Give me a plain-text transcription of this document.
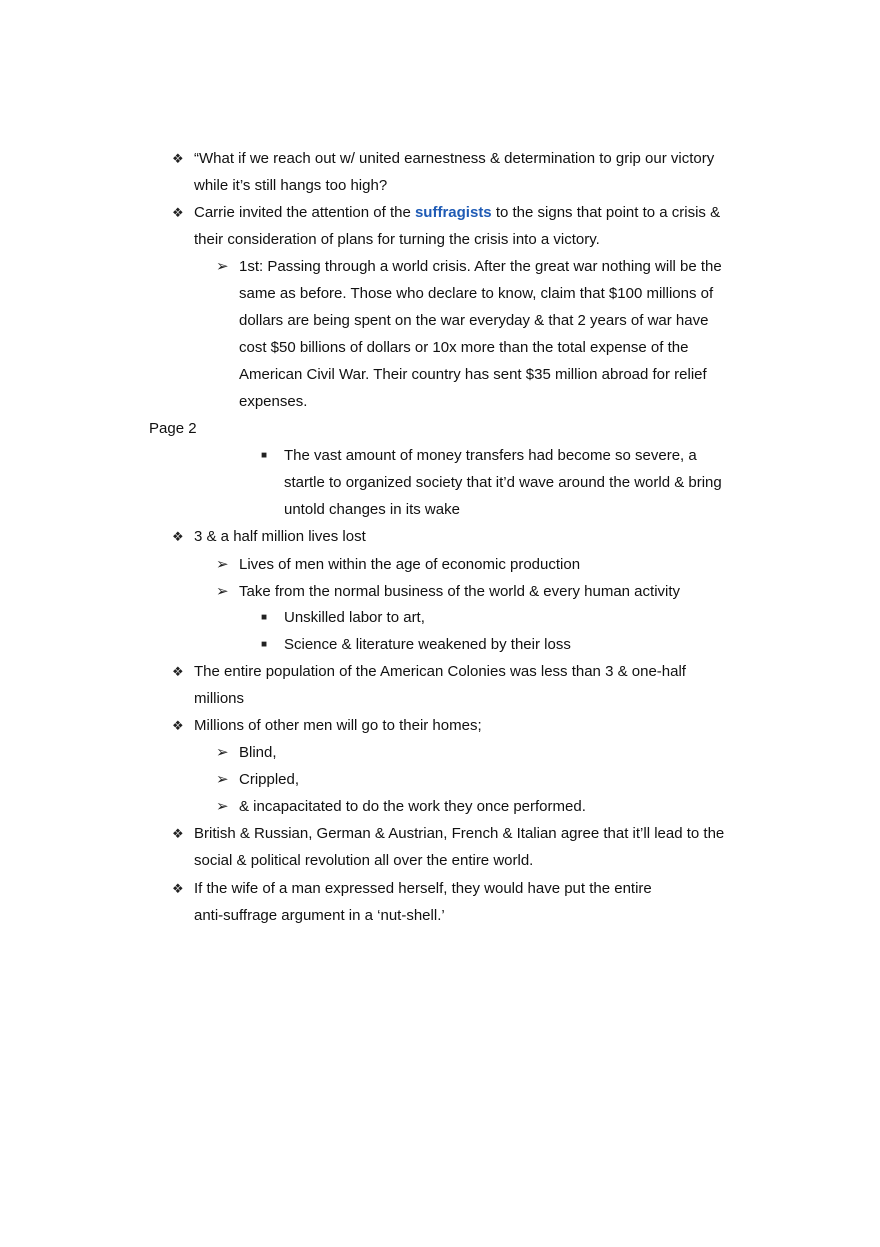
❖ “What if we reach out w/ united earnestness & determination to grip our victory
while it’s still hangs too high?
❖ Carrie invited the attention of the suffragists to the signs that point to a crisis &
their consideration of plans for turning the crisis into a victory.
➢ 1st: Passing through a world crisis. After the great war nothing will be the
same as before. Those who declare to know, claim that $100 millions of
dollars are being spent on the war everyday & that 2 years of war have
cost $50 billions of dollars or 10x more than the total expense of the
American Civil War. Their country has sent $35 million abroad for relief
expenses.
Page 2
■ The vast amount of money transfers had become so severe, a
startle to organized society that it’d wave around the world & bring
untold changes in its wake
❖ 3 & a half million lives lost
➢ Lives of men within the age of economic production
➢ Take from the normal business of the world & every human activity
■ Unskilled labor to art,
■ Science & literature weakened by their loss
❖ The entire population of the American Colonies was less than 3 & one-half
millions
❖ Millions of other men will go to their homes;
➢ Blind,
➢ Crippled,
➢ & incapacitated to do the work they once performed.
❖ British & Russian, German & Austrian, French & Italian agree that it’ll lead to the
social & political revolution all over the entire world.
❖ If the wife of a man expressed herself, they would have put the entire
anti-suffrage argument in a ‘nut-shell.’
